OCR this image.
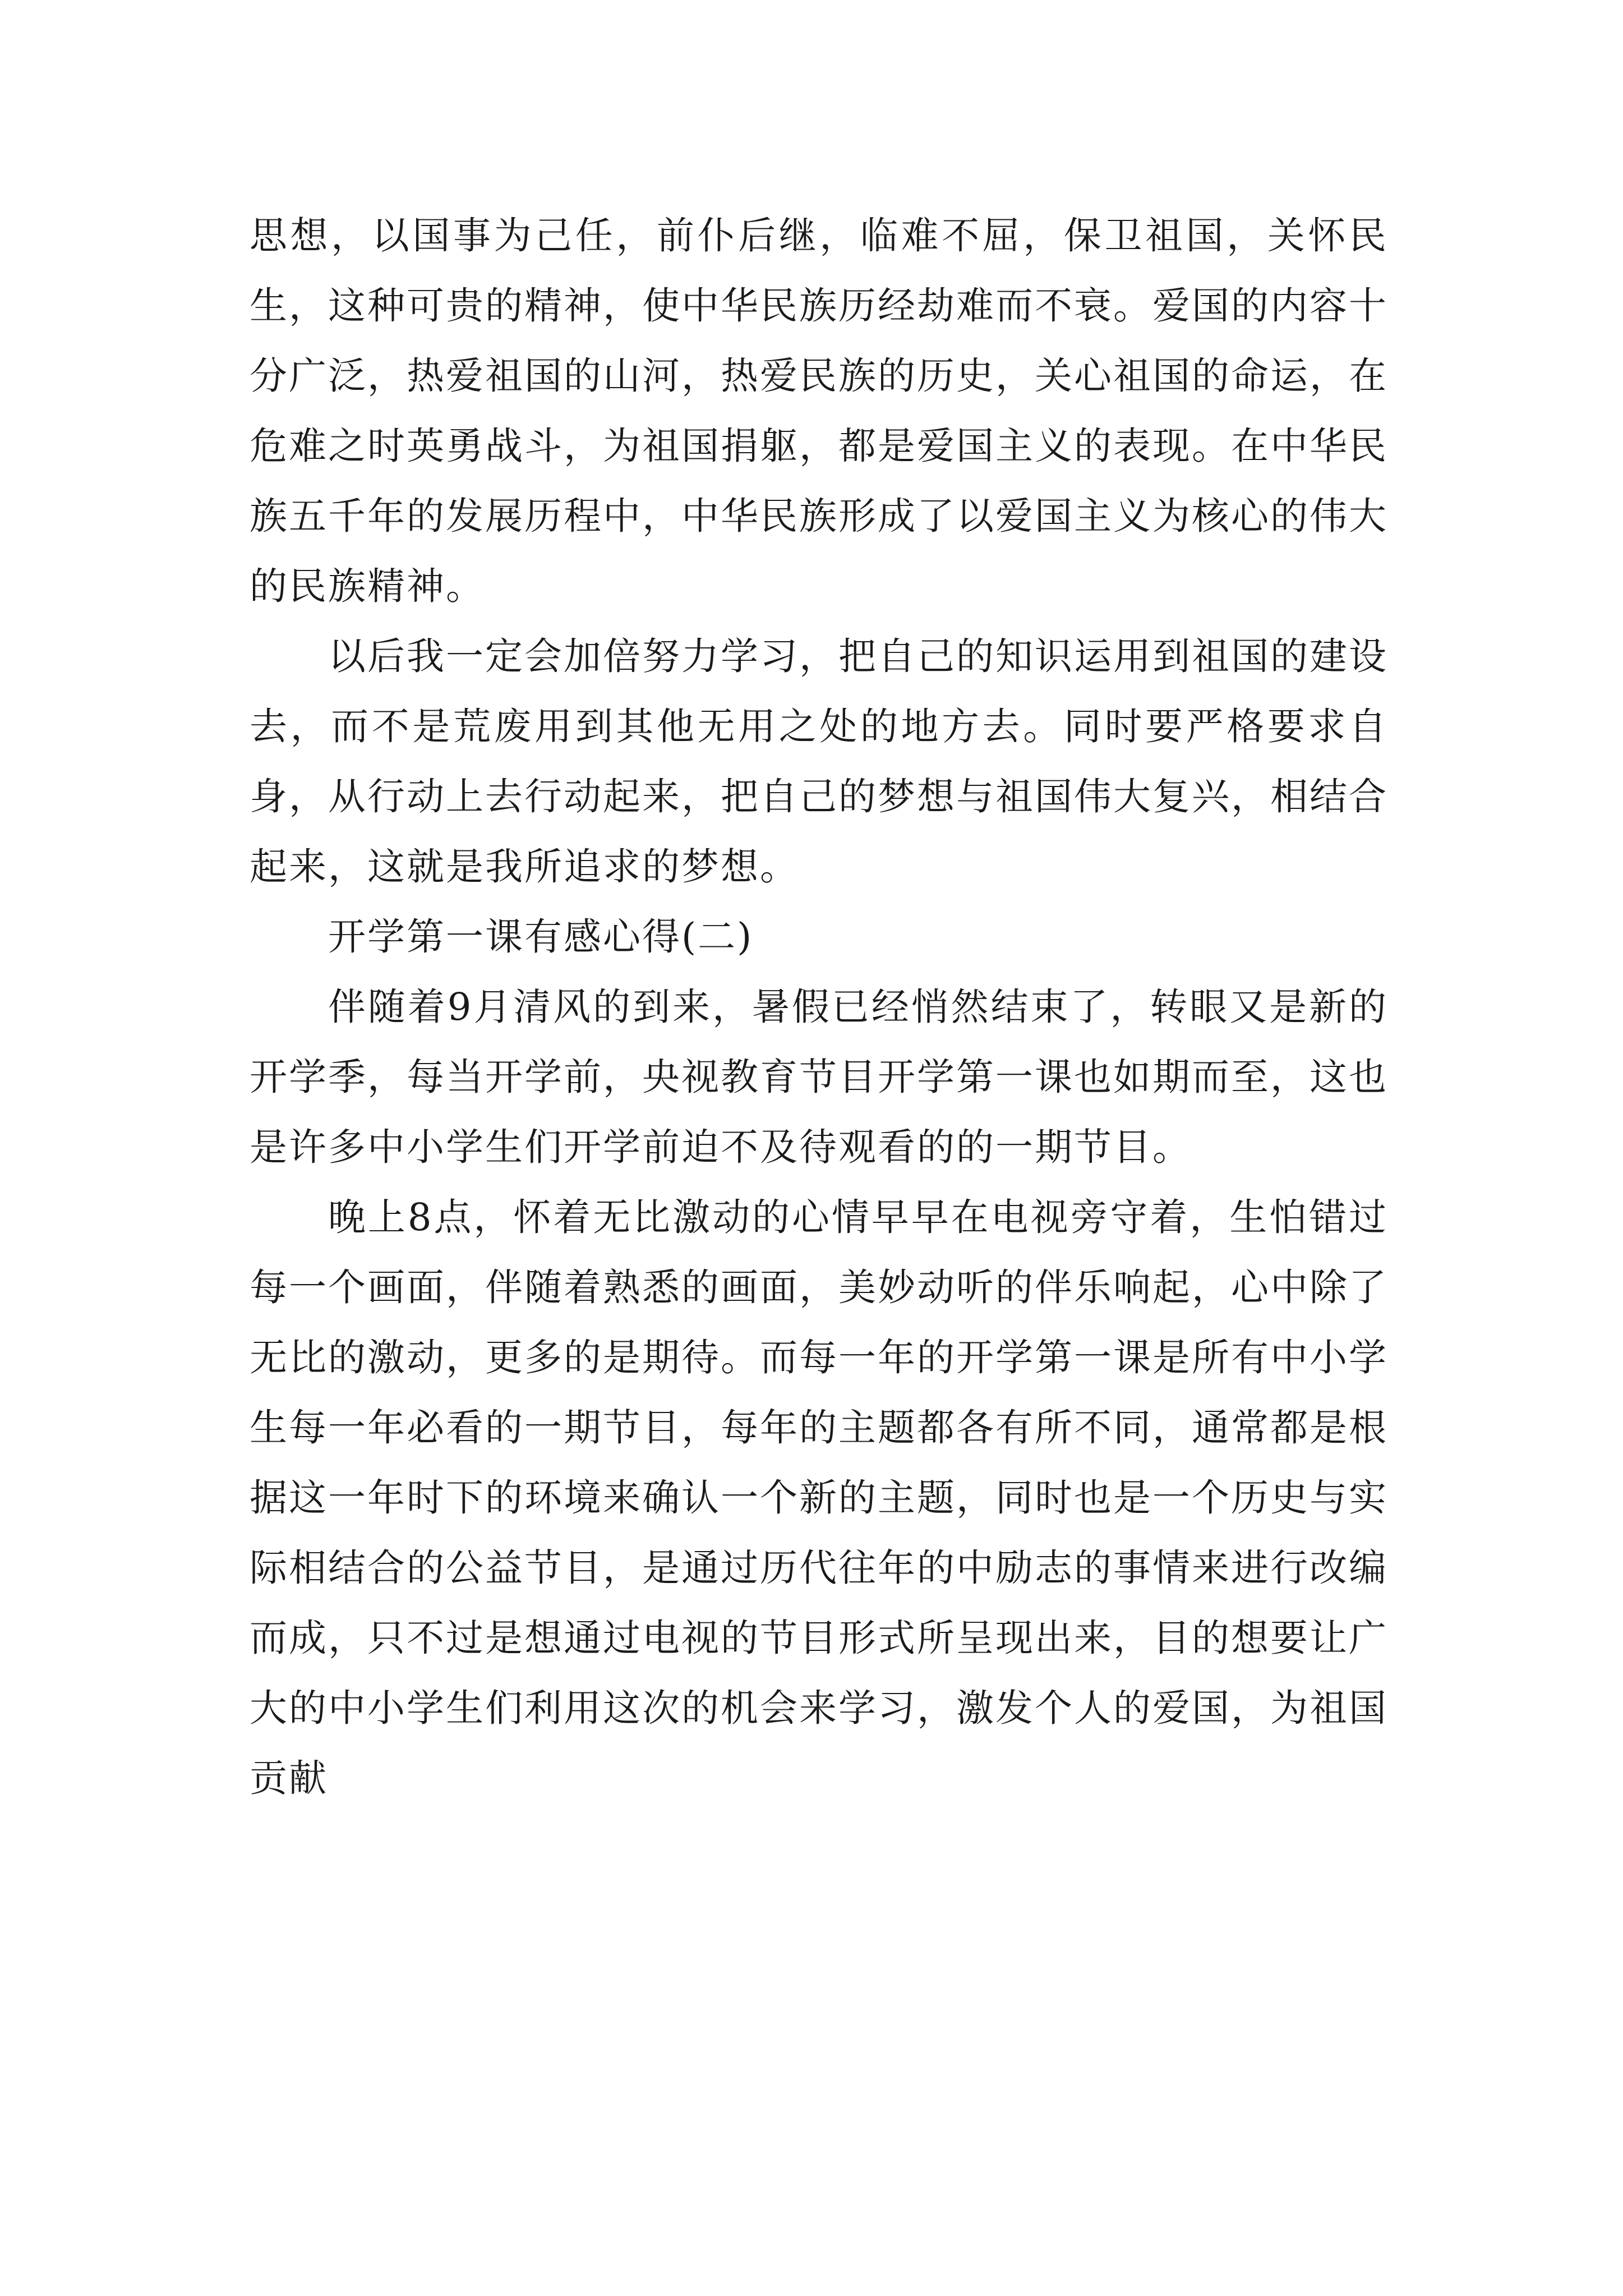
思想，以国事为己任，前仆后继，临难不屈，保卫祖国，关怀民生，这种可贵的精神，使中华民族历经劫难而不衰。爱国的内容十分广泛，热爱祖国的山河，热爱民族的历史，关心祖国的命运，在危难之时英勇战斗，为祖国捐躯，都是爱国主义的表现。在中华民族五千年的发展历程中，中华民族形成了以爱国主义为核心的伟大的民族精神。

以后我一定会加倍努力学习，把自己的知识运用到祖国的建设去，而不是荒废用到其他无用之处的地方去。同时要严格要求自身，从行动上去行动起来，把自己的梦想与祖国伟大复兴，相结合起来，这就是我所追求的梦想。

开学第一课有感心得(二)

伴随着9月清风的到来，暑假已经悄然结束了，转眼又是新的开学季，每当开学前，央视教育节目开学第一课也如期而至，这也是许多中小学生们开学前迫不及待观看的的一期节目。

晚上8点，怀着无比激动的心情早早在电视旁守着，生怕错过每一个画面，伴随着熟悉的画面，美妙动听的伴乐响起，心中除了无比的激动，更多的是期待。而每一年的开学第一课是所有中小学生每一年必看的一期节目，每年的主题都各有所不同，通常都是根据这一年时下的环境来确认一个新的主题，同时也是一个历史与实际相结合的公益节目，是通过历代往年的中励志的事情来进行改编而成，只不过是想通过电视的节目形式所呈现出来，目的想要让广大的中小学生们利用这次的机会来学习，激发个人的爱国，为祖国贡献
